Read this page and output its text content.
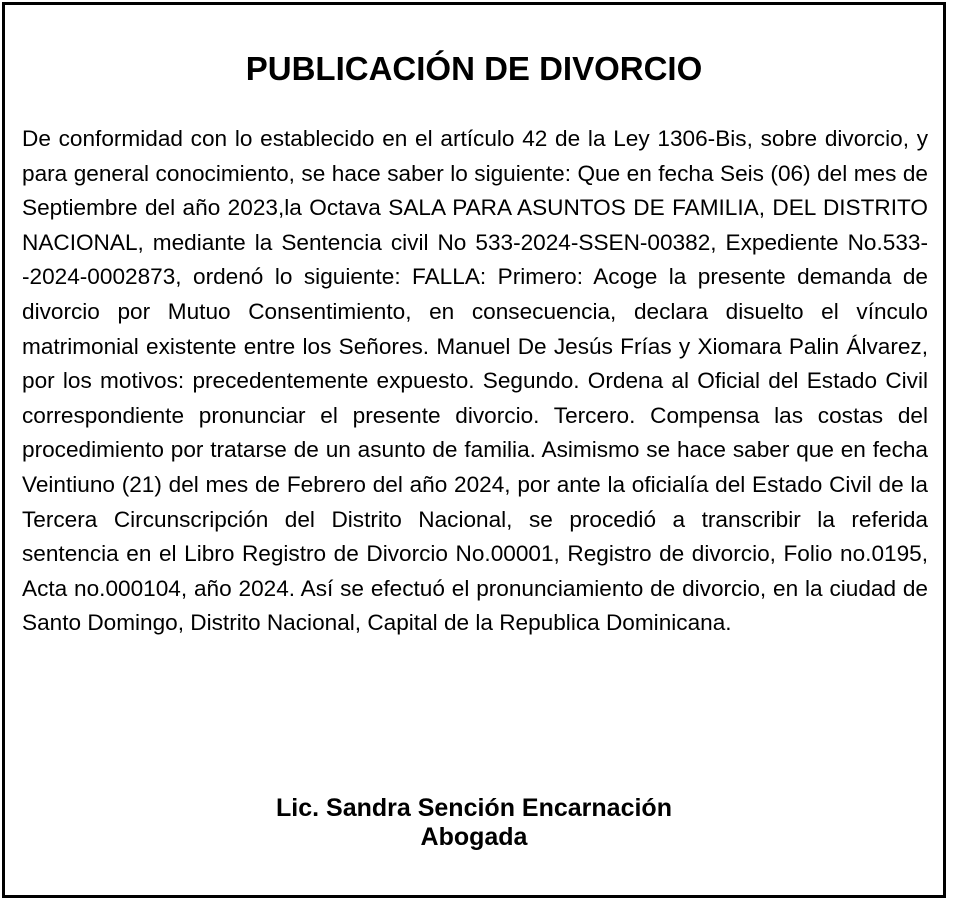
PUBLICACIÓN DE DIVORCIO

De conformidad con lo establecido en el artículo 42 de la Ley 1306-Bis, sobre divorcio, y para general conocimiento, se hace saber lo siguiente: Que en fecha Seis (06) del mes de Septiembre del año 2023,la Octava SALA PARA ASUNTOS DE FAMILIA, DEL DISTRITO NACIONAL, mediante la Sentencia civil No 533-2024-SSEN-00382, Expediente No.533--2024-0002873, ordenó lo siguiente: FALLA: Primero: Acoge la presente demanda de divorcio por Mutuo Consentimiento, en consecuencia, declara disuelto el vínculo matrimonial existente entre los Señores. Manuel De Jesús Frías y Xiomara Palin Álvarez, por los motivos: precedentemente expuesto. Segundo. Ordena al Oficial del Estado Civil correspondiente pronunciar el presente divorcio. Tercero. Compensa las costas del procedimiento por tratarse de un asunto de familia. Asimismo se hace saber que en fecha Veintiuno (21) del mes de Febrero del año 2024, por ante la oficialía del Estado Civil de la Tercera Circunscripción del Distrito Nacional, se procedió a transcribir la referida sentencia en el Libro Registro de Divorcio No.00001, Registro de divorcio, Folio no.0195, Acta no.000104, año 2024. Así se efectuó el pronunciamiento de divorcio, en la ciudad de Santo Domingo, Distrito Nacional, Capital de la Republica Dominicana.

Lic. Sandra Sención Encarnación
Abogada
